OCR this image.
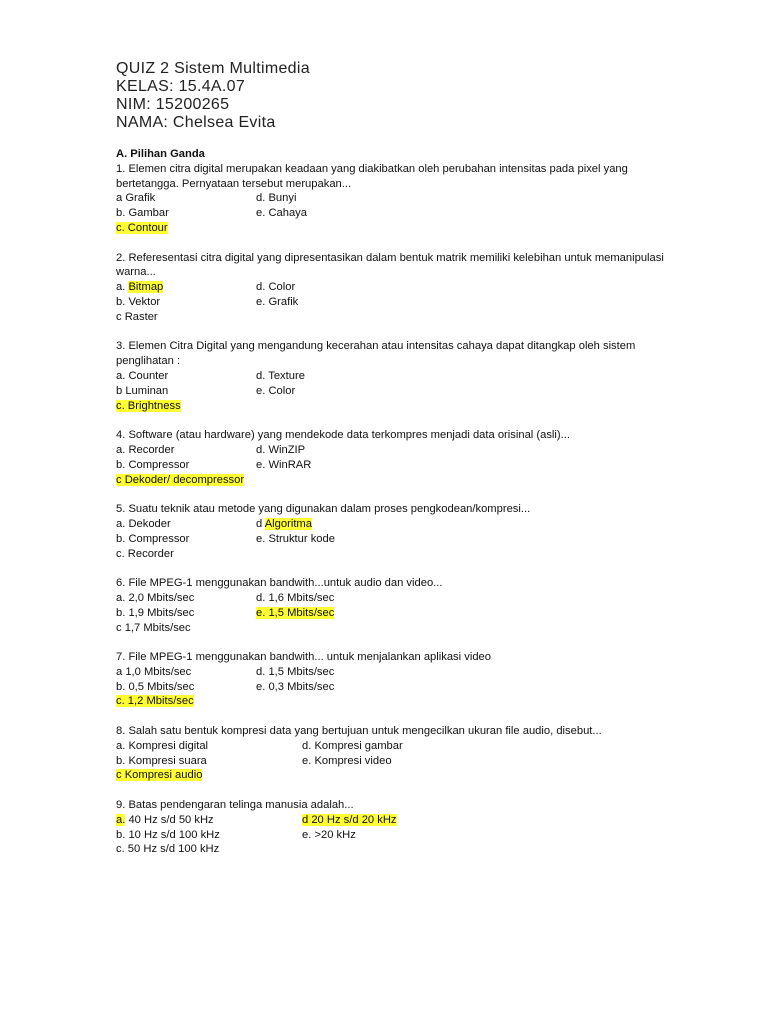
QUIZ 2 Sistem Multimedia
KELAS: 15.4A.07
NIM: 15200265
NAMA: Chelsea Evita

A. Pilihan Ganda

1. Elemen citra digital merupakan keadaan yang diakibatkan oleh perubahan intensitas pada pixel yang bertetangga. Pernyataan tersebut merupakan...

a Grafik	d. Bunyi
b. Gambar	e. Cahaya
c. Contour

2. Referesentasi citra digital yang dipresentasikan dalam bentuk matrik memiliki kelebihan untuk memanipulasi warna...

a. Bitmap	d. Color
b. Vektor	e. Grafik
c Raster

3. Elemen Citra Digital yang mengandung kecerahan atau intensitas cahaya dapat ditangkap oleh sistem penglihatan :

a. Counter	d. Texture
b Luminan	e. Color
c. Brightness

4. Software (atau hardware) yang mendekode data terkompres menjadi data orisinal (asli)...

a. Recorder	d. WinZIP
b. Compressor	e. WinRAR
c Dekoder/ decompressor

5. Suatu teknik atau metode yang digunakan dalam proses pengkodean/kompresi...

a. Dekoder	d Algoritma
b. Compressor	e. Struktur kode
c. Recorder

6. File MPEG-1 menggunakan bandwith...untuk audio dan video...

a. 2,0 Mbits/sec	d. 1,6 Mbits/sec
b. 1,9 Mbits/sec	e. 1,5 Mbits/sec
c 1,7 Mbits/sec

7. File MPEG-1 menggunakan bandwith... untuk menjalankan aplikasi video

a 1,0 Mbits/sec	d. 1,5 Mbits/sec
b. 0,5 Mbits/sec	e. 0,3 Mbits/sec
c. 1,2 Mbits/sec

8. Salah satu bentuk kompresi data yang bertujuan untuk mengecilkan ukuran file audio, disebut...

a. Kompresi digital	d. Kompresi gambar
b. Kompresi suara	e. Kompresi video
c Kompresi audio

9. Batas pendengaran telinga manusia adalah...

a. 40 Hz s/d 50 kHz	d 20 Hz s/d 20 kHz
b. 10 Hz s/d 100 kHz	e. >20 kHz
c. 50 Hz s/d 100 kHz
